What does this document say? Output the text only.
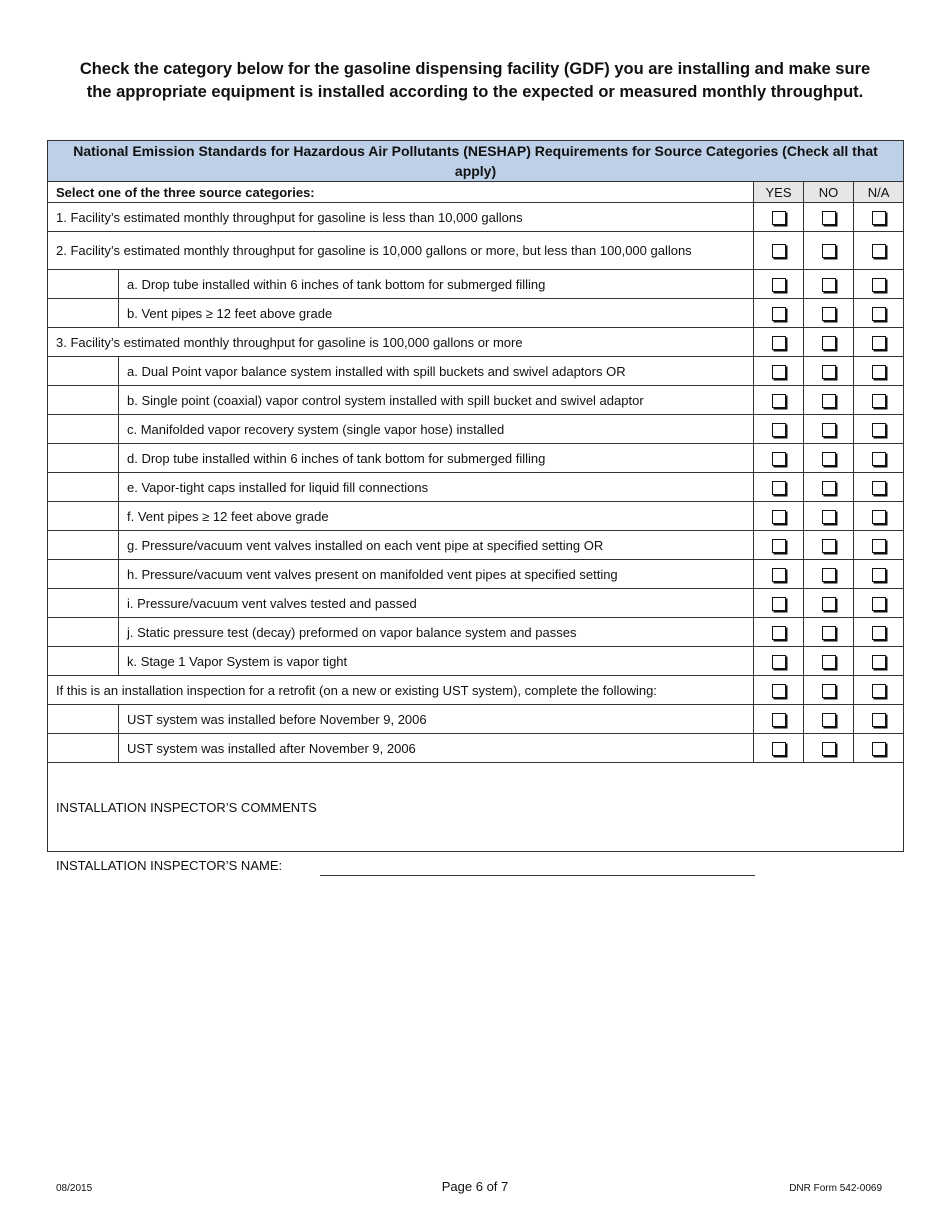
Check the category below for the gasoline dispensing facility (GDF) you are installing and make sure
the appropriate equipment is installed according to the expected or measured monthly throughput.
National Emission Standards for Hazardous Air Pollutants (NESHAP) Requirements for Source Categories (Check all that apply)				
Select one of the three source categories:		YES	NO	N/A
1. Facility’s estimated monthly throughput for gasoline is less than 10,000 gallons				
2. Facility’s estimated monthly throughput for gasoline is 10,000 gallons or more, but less than 100,000 gallons				
	a. Drop tube installed within 6 inches of tank bottom for submerged filling			
	b. Vent pipes ≥ 12 feet above grade			
3. Facility’s estimated monthly throughput for gasoline is 100,000 gallons or more				
	a. Dual Point vapor balance system installed with spill buckets and swivel adaptors OR			
	b. Single point (coaxial) vapor control system installed with spill bucket and swivel adaptor			
	c. Manifolded vapor recovery system (single vapor hose) installed			
	d. Drop tube installed within 6 inches of tank bottom for submerged filling			
	e. Vapor-tight caps installed for liquid fill connections			
	f. Vent pipes ≥ 12 feet above grade			
	g. Pressure/vacuum vent valves installed on each vent pipe at specified setting OR			
	h. Pressure/vacuum vent valves present on manifolded vent pipes at specified setting			
	i. Pressure/vacuum vent valves tested and passed			
	j. Static pressure test (decay) preformed on vapor balance system and passes			
	k. Stage 1 Vapor System is vapor tight			
If this is an installation inspection for a retrofit (on a new or existing UST system), complete the following:				
	UST system was installed before November 9, 2006			
	UST system was installed after November 9, 2006			
INSTALLATION INSPECTOR’S COMMENTS				
INSTALLATION INSPECTOR’S NAME:
08/2015	Page 6 of 7	DNR Form 542-0069
